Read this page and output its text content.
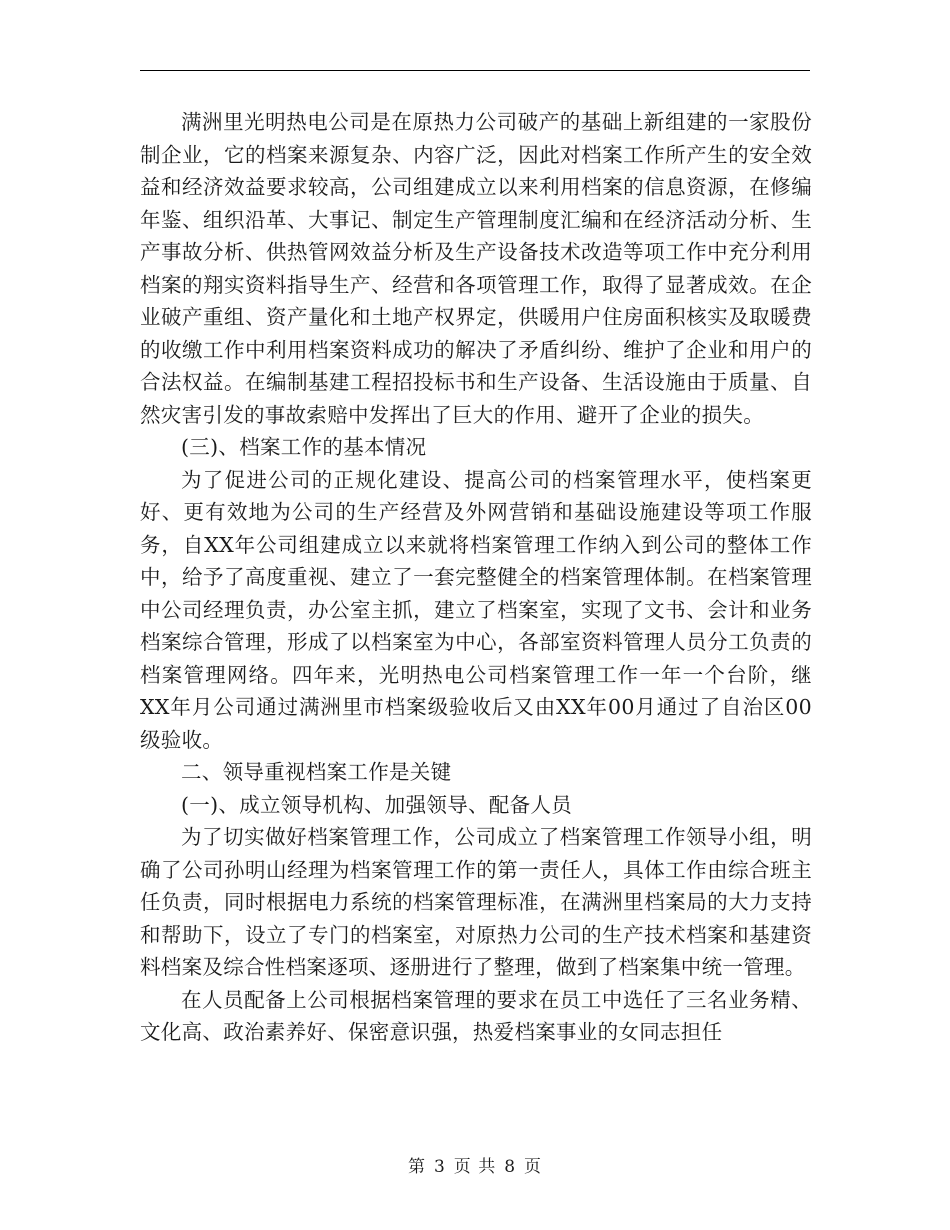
满洲里光明热电公司是在原热力公司破产的基础上新组建的一家股份制企业，它的档案来源复杂、内容广泛，因此对档案工作所产生的安全效益和经济效益要求较高，公司组建成立以来利用档案的信息资源，在修编年鉴、组织沿革、大事记、制定生产管理制度汇编和在经济活动分析、生产事故分析、供热管网效益分析及生产设备技术改造等项工作中充分利用档案的翔实资料指导生产、经营和各项管理工作，取得了显著成效。在企业破产重组、资产量化和土地产权界定，供暖用户住房面积核实及取暖费的收缴工作中利用档案资料成功的解决了矛盾纠纷、维护了企业和用户的合法权益。在编制基建工程招投标书和生产设备、生活设施由于质量、自然灾害引发的事故索赔中发挥出了巨大的作用、避开了企业的损失。

(三)、档案工作的基本情况

为了促进公司的正规化建设、提高公司的档案管理水平，使档案更好、更有效地为公司的生产经营及外网营销和基础设施建设等项工作服务，自XX年公司组建成立以来就将档案管理工作纳入到公司的整体工作中，给予了高度重视、建立了一套完整健全的档案管理体制。在档案管理中公司经理负责，办公室主抓，建立了档案室，实现了文书、会计和业务档案综合管理，形成了以档案室为中心，各部室资料管理人员分工负责的档案管理网络。四年来，光明热电公司档案管理工作一年一个台阶，继XX年月公司通过满洲里市档案级验收后又由XX年00月通过了自治区00级验收。

二、领导重视档案工作是关键

(一)、成立领导机构、加强领导、配备人员

为了切实做好档案管理工作，公司成立了档案管理工作领导小组，明确了公司孙明山经理为档案管理工作的第一责任人，具体工作由综合班主任负责，同时根据电力系统的档案管理标准，在满洲里档案局的大力支持和帮助下，设立了专门的档案室，对原热力公司的生产技术档案和基建资料档案及综合性档案逐项、逐册进行了整理，做到了档案集中统一管理。

在人员配备上公司根据档案管理的要求在员工中选任了三名业务精、文化高、政治素养好、保密意识强，热爱档案事业的女同志担任

第 3 页 共 8 页
